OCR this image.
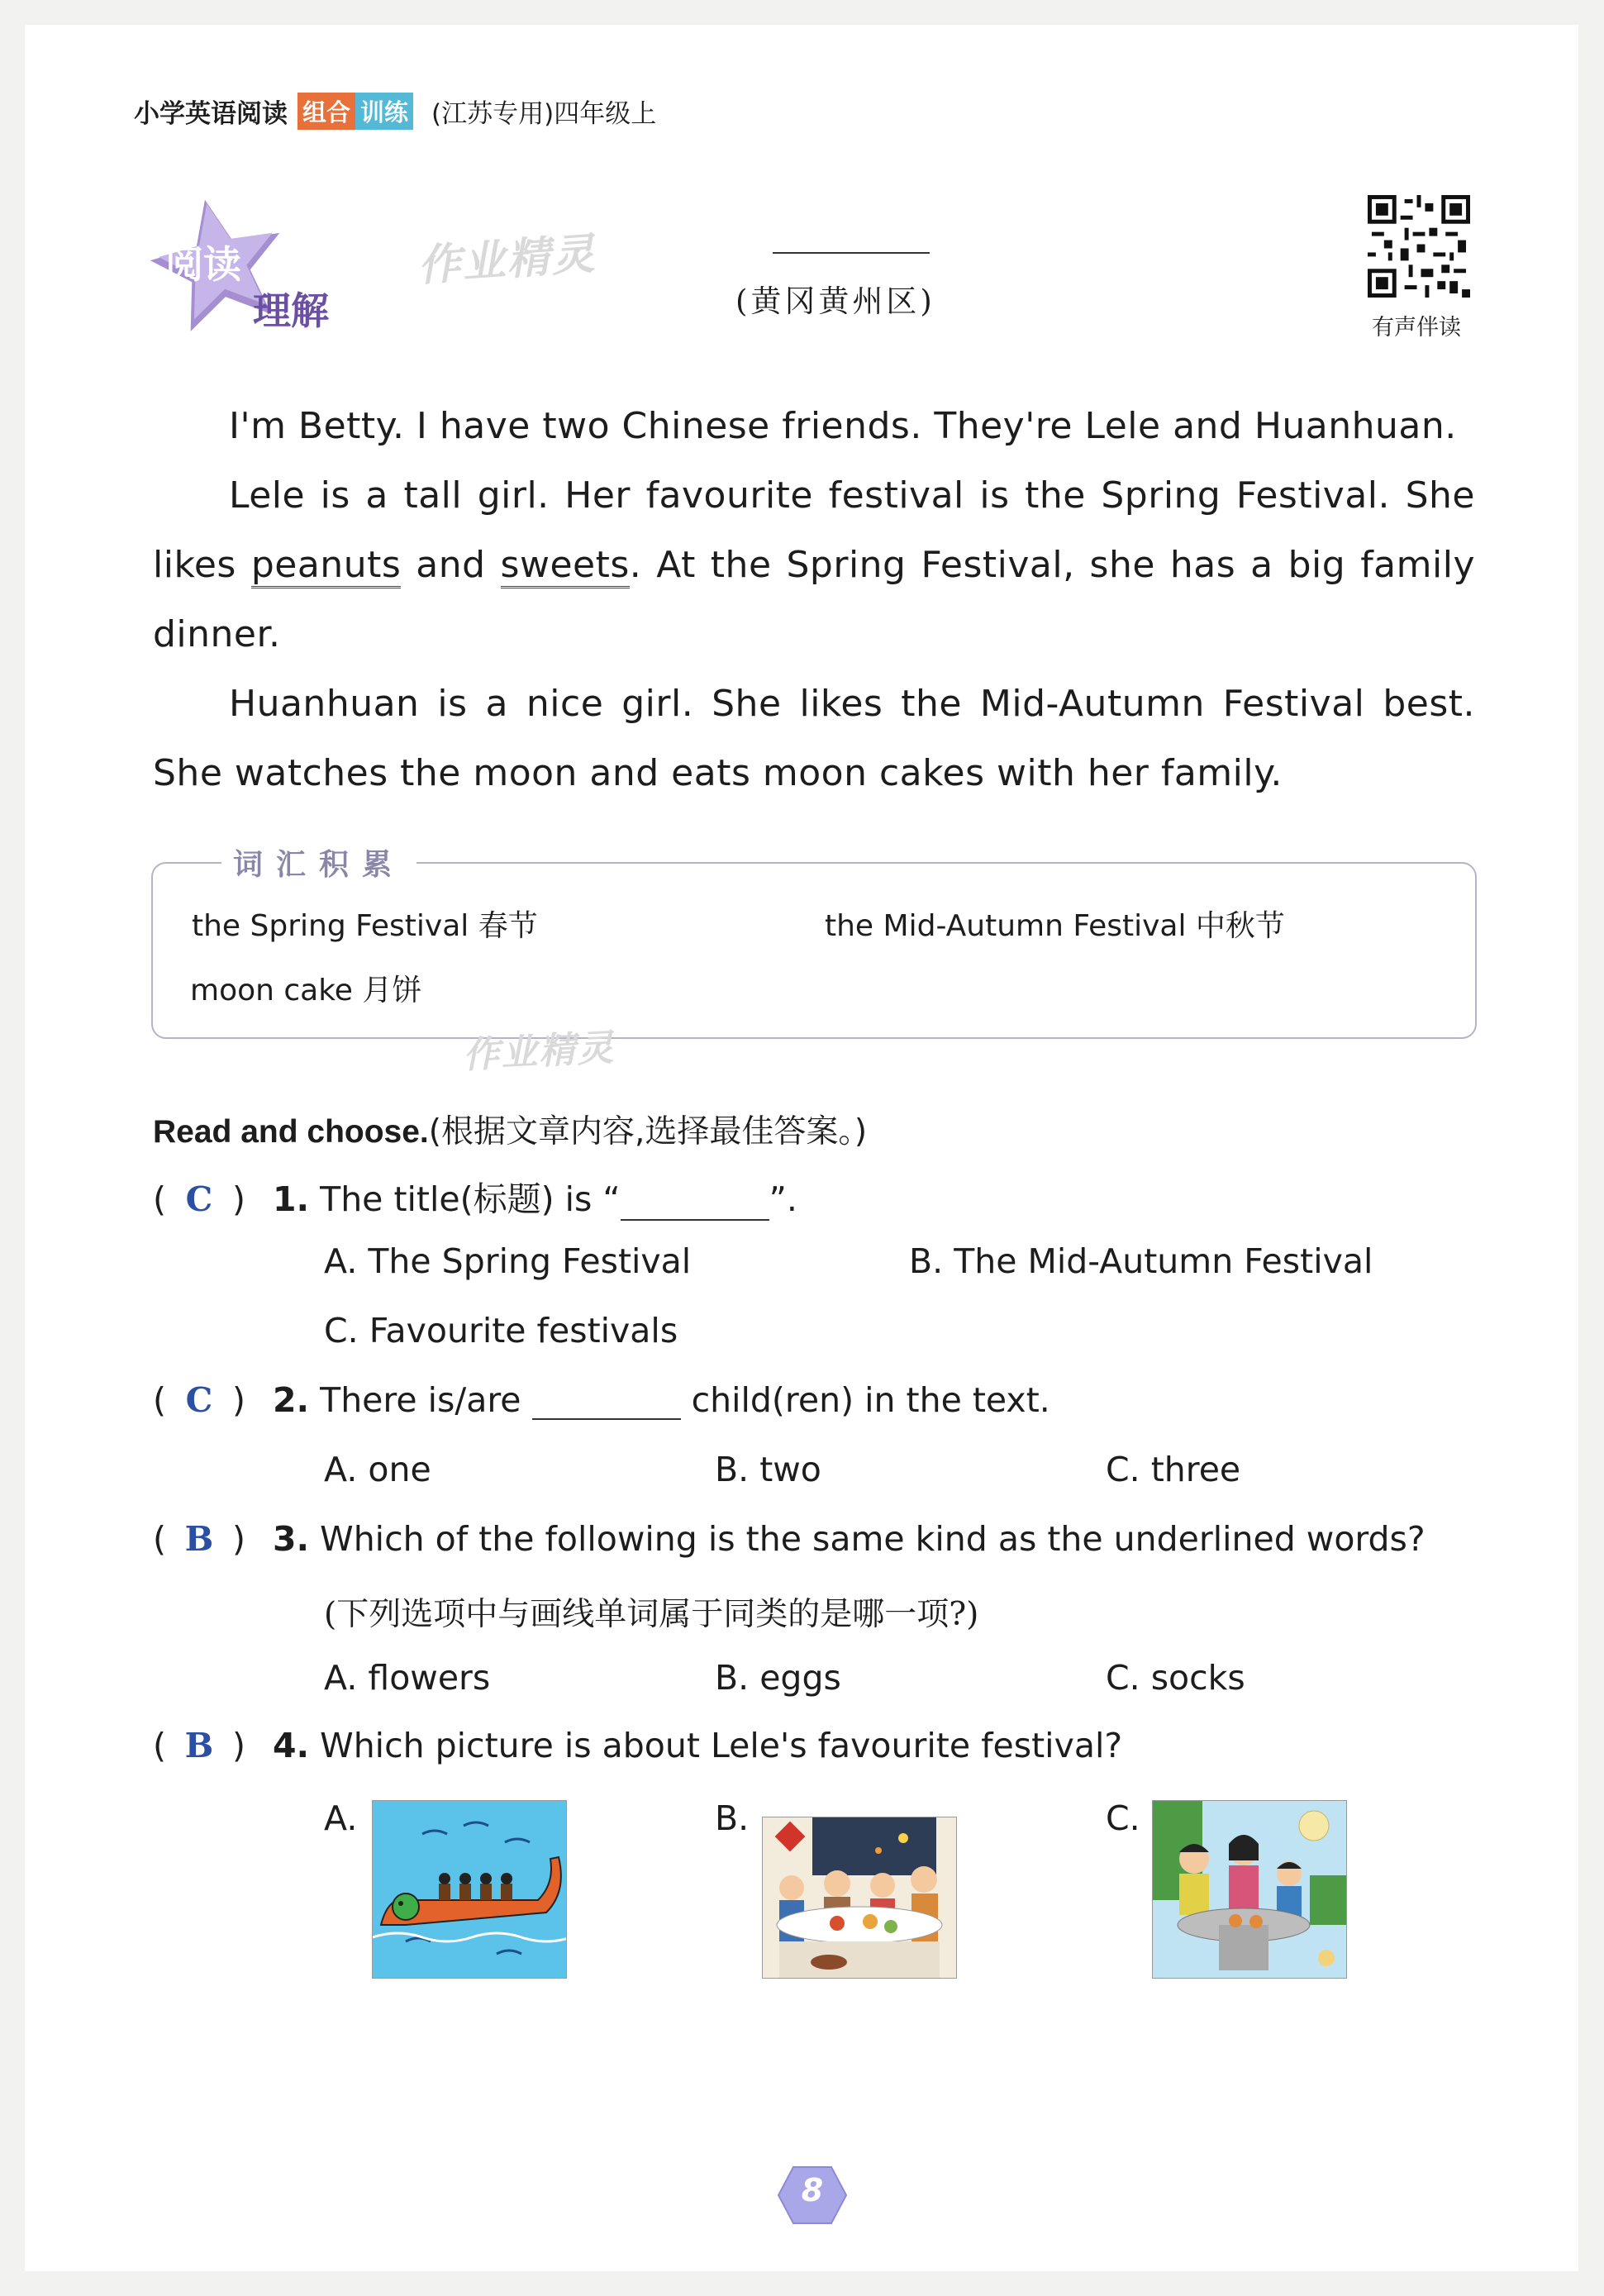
小学英语阅读 组合 训练 (江苏专用)四年级上
阅读
理解
作业精灵
(黄冈黄州区)
有声伴读

I'm Betty. I have two Chinese friends. They're Lele and Huanhuan.

Lele is a tall girl. Her favourite festival is the Spring Festival. She likes peanuts and sweets. At the Spring Festival, she has a big family dinner.

Huanhuan is a nice girl. She likes the Mid-Autumn Festival best. She watches the moon and eats moon cakes with her family.

词汇积累
the Spring Festival 春节	the Mid-Autumn Festival 中秋节
moon cake 月饼
作业精灵
Read and choose.(根据文章内容,选择最佳答案。)
( C ) 1. The title(标题) is “	”.
A. The Spring Festival	B. The Mid-Autumn Festival
C. Favourite festivals
( C ) 2. There is/are	child(ren) in the text.
A. one	B. two	C. three
( B ) 3. Which of the following is the same kind as the underlined words?
(下列选项中与画线单词属于同类的是哪一项?)
A. flowers	B. eggs	C. socks
( B ) 4. Which picture is about Lele's favourite festival?
A.	B.	C.
8
